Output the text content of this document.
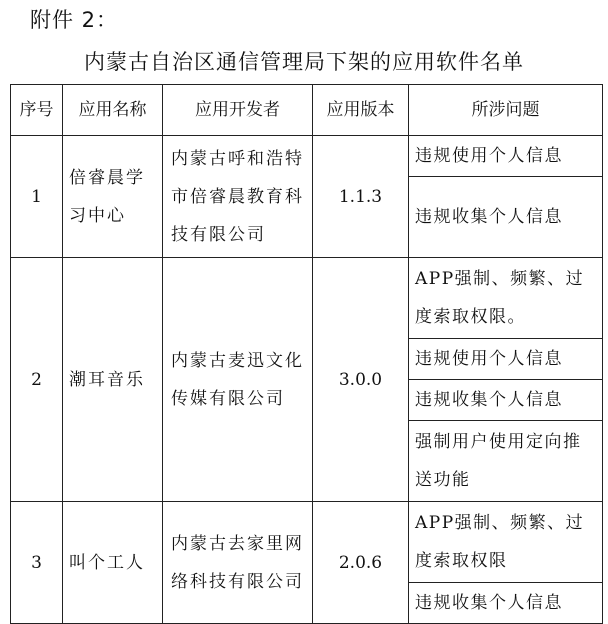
附件 2：
内蒙古自治区通信管理局下架的应用软件名单
序号	应用名称	应用开发者	应用版本	所涉问题
1	倍睿晨学习中心	内蒙古呼和浩特市倍睿晨教育科技有限公司	1.1.3	违规使用个人信息
				违规收集个人信息
2	潮耳音乐	内蒙古麦迅文化传媒有限公司	3.0.0	APP强制、频繁、过度索取权限。
				违规使用个人信息
				违规收集个人信息
				强制用户使用定向推送功能
3	叫个工人	内蒙古去家里网络科技有限公司	2.0.6	APP强制、频繁、过度索取权限
				违规收集个人信息
